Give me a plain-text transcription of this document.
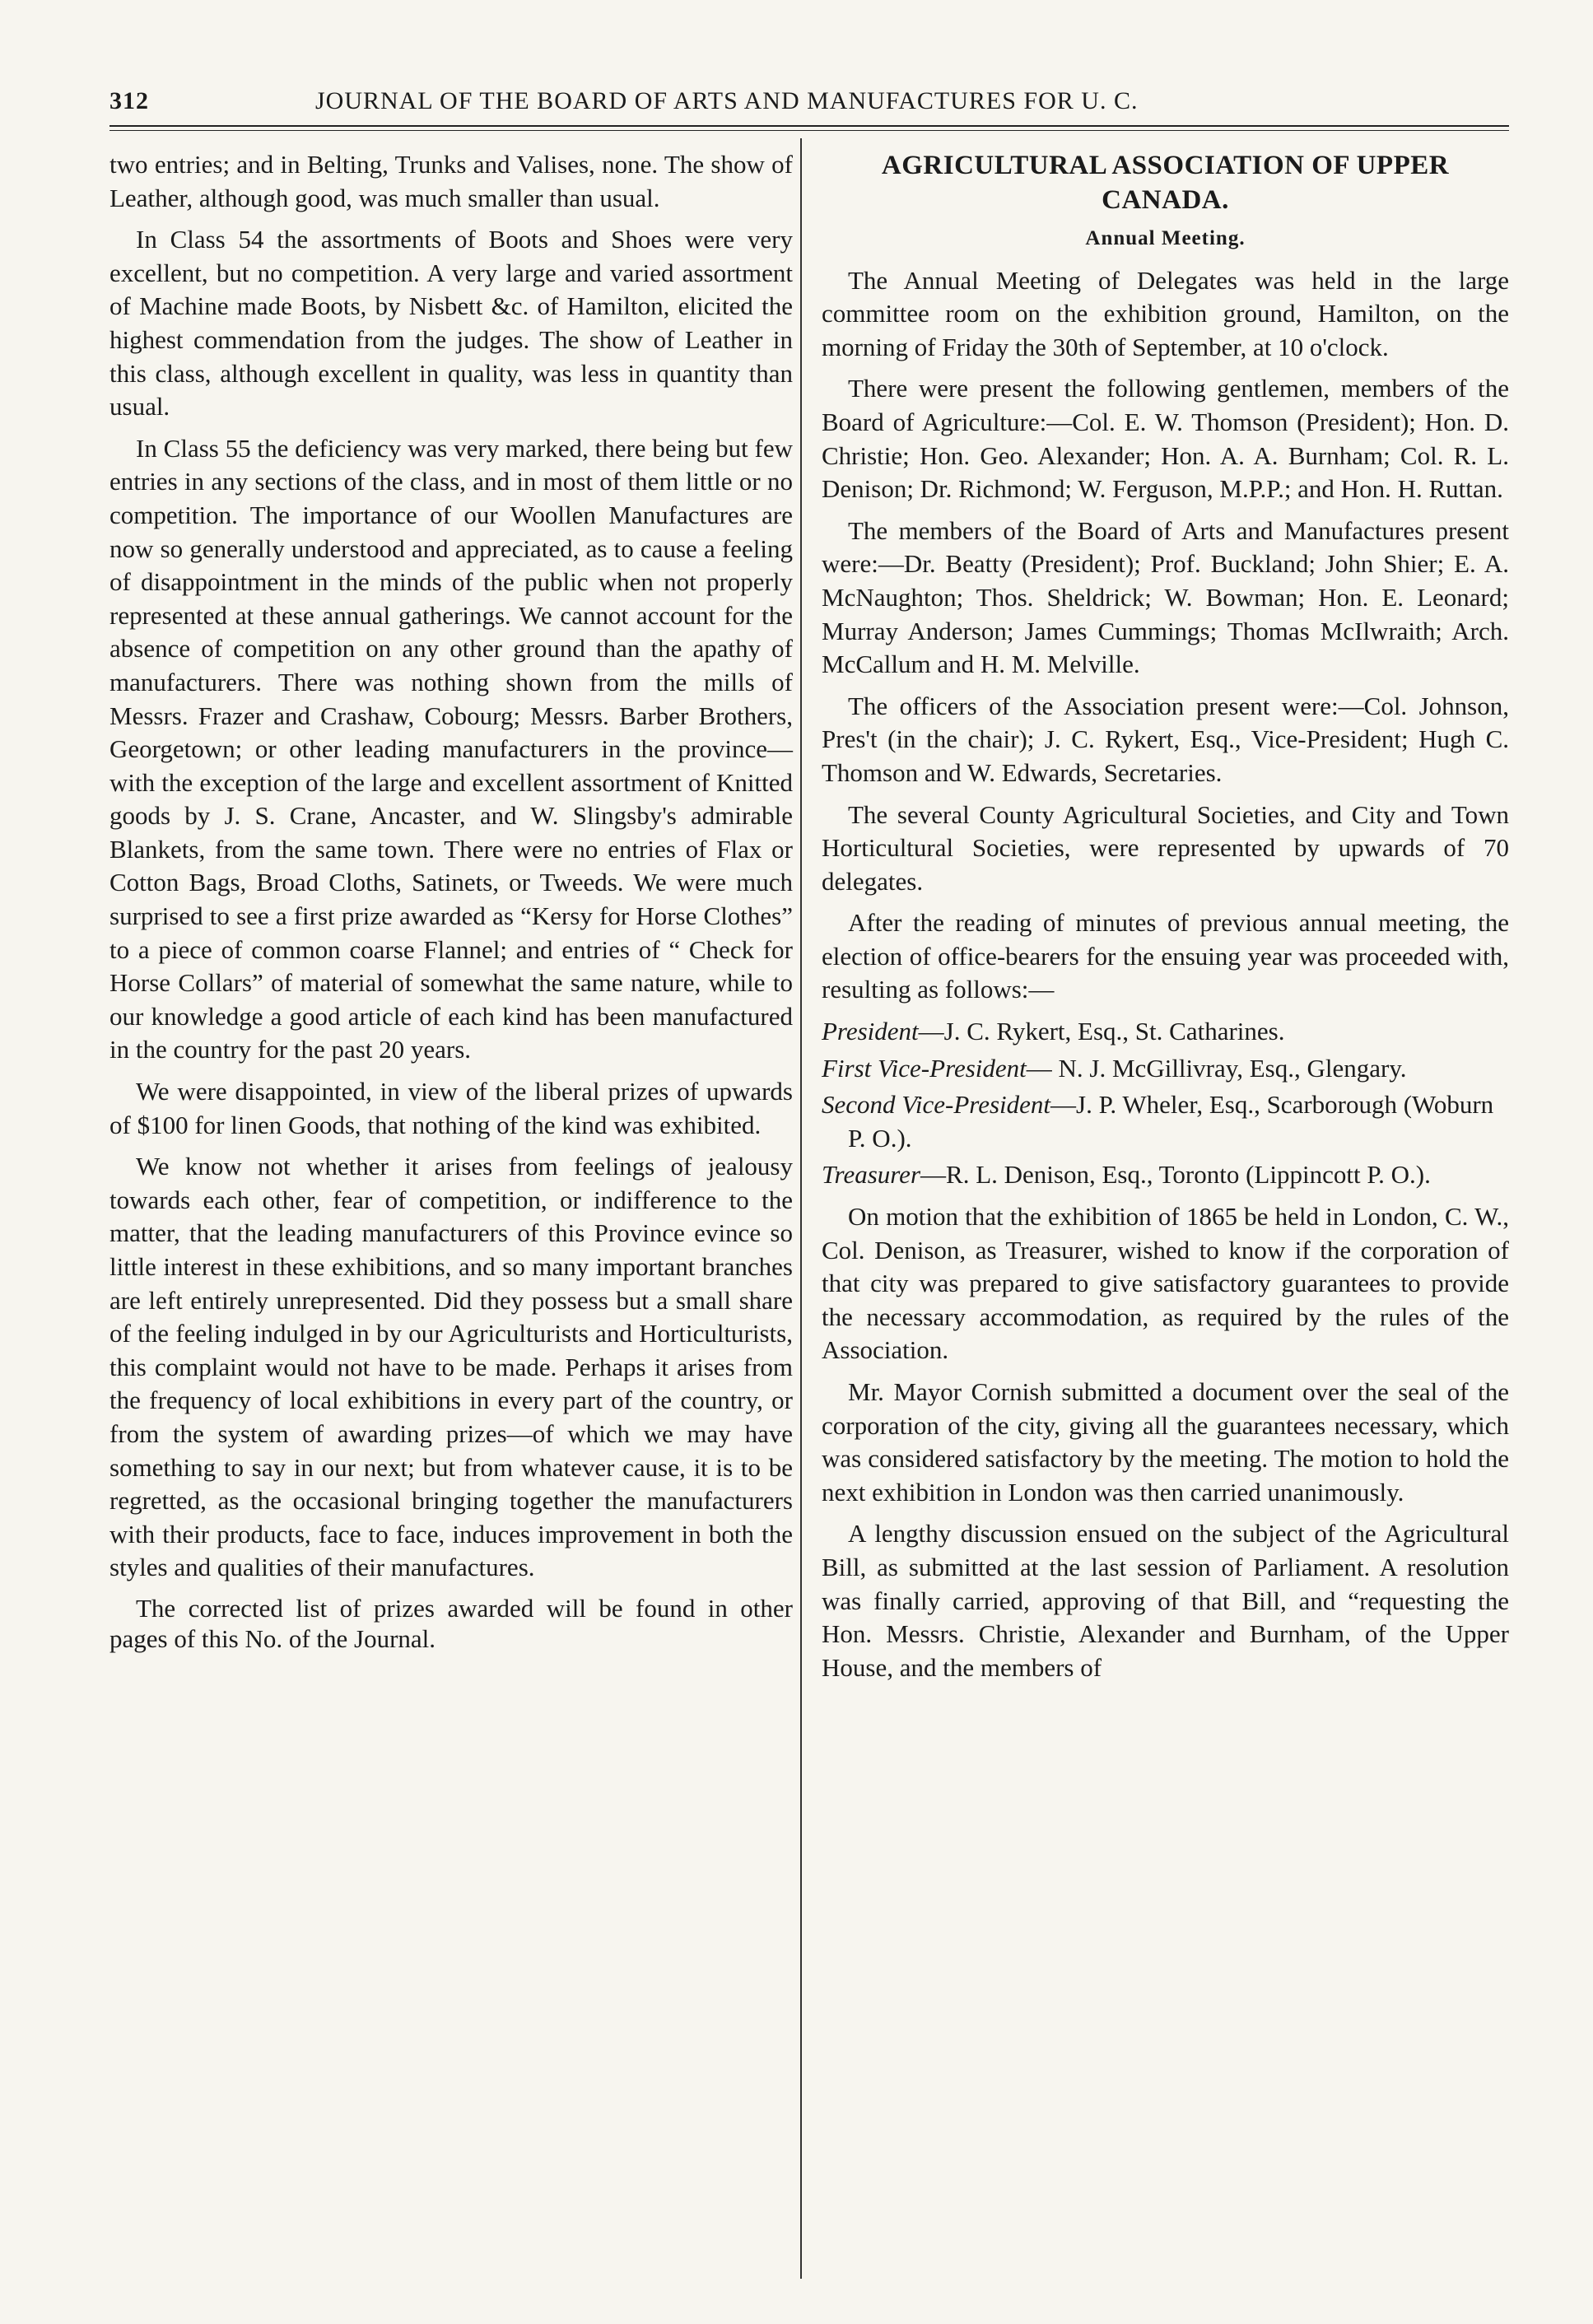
312	JOURNAL OF THE BOARD OF ARTS AND MANUFACTURES FOR U. C.

two entries; and in Belting, Trunks and Valises, none. The show of Leather, although good, was much smaller than usual.

In Class 54 the assortments of Boots and Shoes were very excellent, but no competition. A very large and varied assortment of Machine made Boots, by Nisbett &c. of Hamilton, elicited the highest commendation from the judges. The show of Leather in this class, although excellent in quality, was less in quantity than usual.

In Class 55 the deficiency was very marked, there being but few entries in any sections of the class, and in most of them little or no competition. The importance of our Woollen Manufactures are now so generally understood and appreciated, as to cause a feeling of disappointment in the minds of the public when not properly represented at these annual gatherings. We cannot account for the absence of competition on any other ground than the apathy of manufacturers. There was nothing shown from the mills of Messrs. Frazer and Crashaw, Cobourg; Messrs. Barber Brothers, Georgetown; or other leading manufacturers in the province—with the exception of the large and excellent assortment of Knitted goods by J. S. Crane, Ancaster, and W. Slingsby's admirable Blankets, from the same town. There were no entries of Flax or Cotton Bags, Broad Cloths, Satinets, or Tweeds. We were much surprised to see a first prize awarded as “Kersy for Horse Clothes” to a piece of common coarse Flannel; and entries of “ Check for Horse Collars” of material of somewhat the same nature, while to our knowledge a good article of each kind has been manufactured in the country for the past 20 years.

We were disappointed, in view of the liberal prizes of upwards of $100 for linen Goods, that nothing of the kind was exhibited.

We know not whether it arises from feelings of jealousy towards each other, fear of competition, or indifference to the matter, that the leading manufacturers of this Province evince so little interest in these exhibitions, and so many important branches are left entirely unrepresented. Did they possess but a small share of the feeling indulged in by our Agriculturists and Horticulturists, this complaint would not have to be made. Perhaps it arises from the frequency of local exhibitions in every part of the country, or from the system of awarding prizes—of which we may have something to say in our next; but from whatever cause, it is to be regretted, as the occasional bringing together the manufacturers with their products, face to face, induces improvement in both the styles and qualities of their manufactures.

The corrected list of prizes awarded will be found in other pages of this No. of the Journal.

AGRICULTURAL ASSOCIATION OF UPPER CANADA.
Annual Meeting.

The Annual Meeting of Delegates was held in the large committee room on the exhibition ground, Hamilton, on the morning of Friday the 30th of September, at 10 o'clock.

There were present the following gentlemen, members of the Board of Agriculture:—Col. E. W. Thomson (President); Hon. D. Christie; Hon. Geo. Alexander; Hon. A. A. Burnham; Col. R. L. Denison; Dr. Richmond; W. Ferguson, M.P.P.; and Hon. H. Ruttan.

The members of the Board of Arts and Manufactures present were:—Dr. Beatty (President); Prof. Buckland; John Shier; E. A. McNaughton; Thos. Sheldrick; W. Bowman; Hon. E. Leonard; Murray Anderson; James Cummings; Thomas McIlwraith; Arch. McCallum and H. M. Melville.

The officers of the Association present were:—Col. Johnson, Pres't (in the chair); J. C. Rykert, Esq., Vice-President; Hugh C. Thomson and W. Edwards, Secretaries.

The several County Agricultural Societies, and City and Town Horticultural Societies, were represented by upwards of 70 delegates.

After the reading of minutes of previous annual meeting, the election of office-bearers for the ensuing year was proceeded with, resulting as follows:—

President—J. C. Rykert, Esq., St. Catharines.

First Vice-President— N. J. McGillivray, Esq., Glengary.

Second Vice-President—J. P. Wheler, Esq., Scarborough (Woburn P. O.).

Treasurer—R. L. Denison, Esq., Toronto (Lippincott P. O.).

On motion that the exhibition of 1865 be held in London, C. W., Col. Denison, as Treasurer, wished to know if the corporation of that city was prepared to give satisfactory guarantees to provide the necessary accommodation, as required by the rules of the Association.

Mr. Mayor Cornish submitted a document over the seal of the corporation of the city, giving all the guarantees necessary, which was considered satisfactory by the meeting. The motion to hold the next exhibition in London was then carried unanimously.

A lengthy discussion ensued on the subject of the Agricultural Bill, as submitted at the last session of Parliament. A resolution was finally carried, approving of that Bill, and “requesting the Hon. Messrs. Christie, Alexander and Burnham, of the Upper House, and the members of
